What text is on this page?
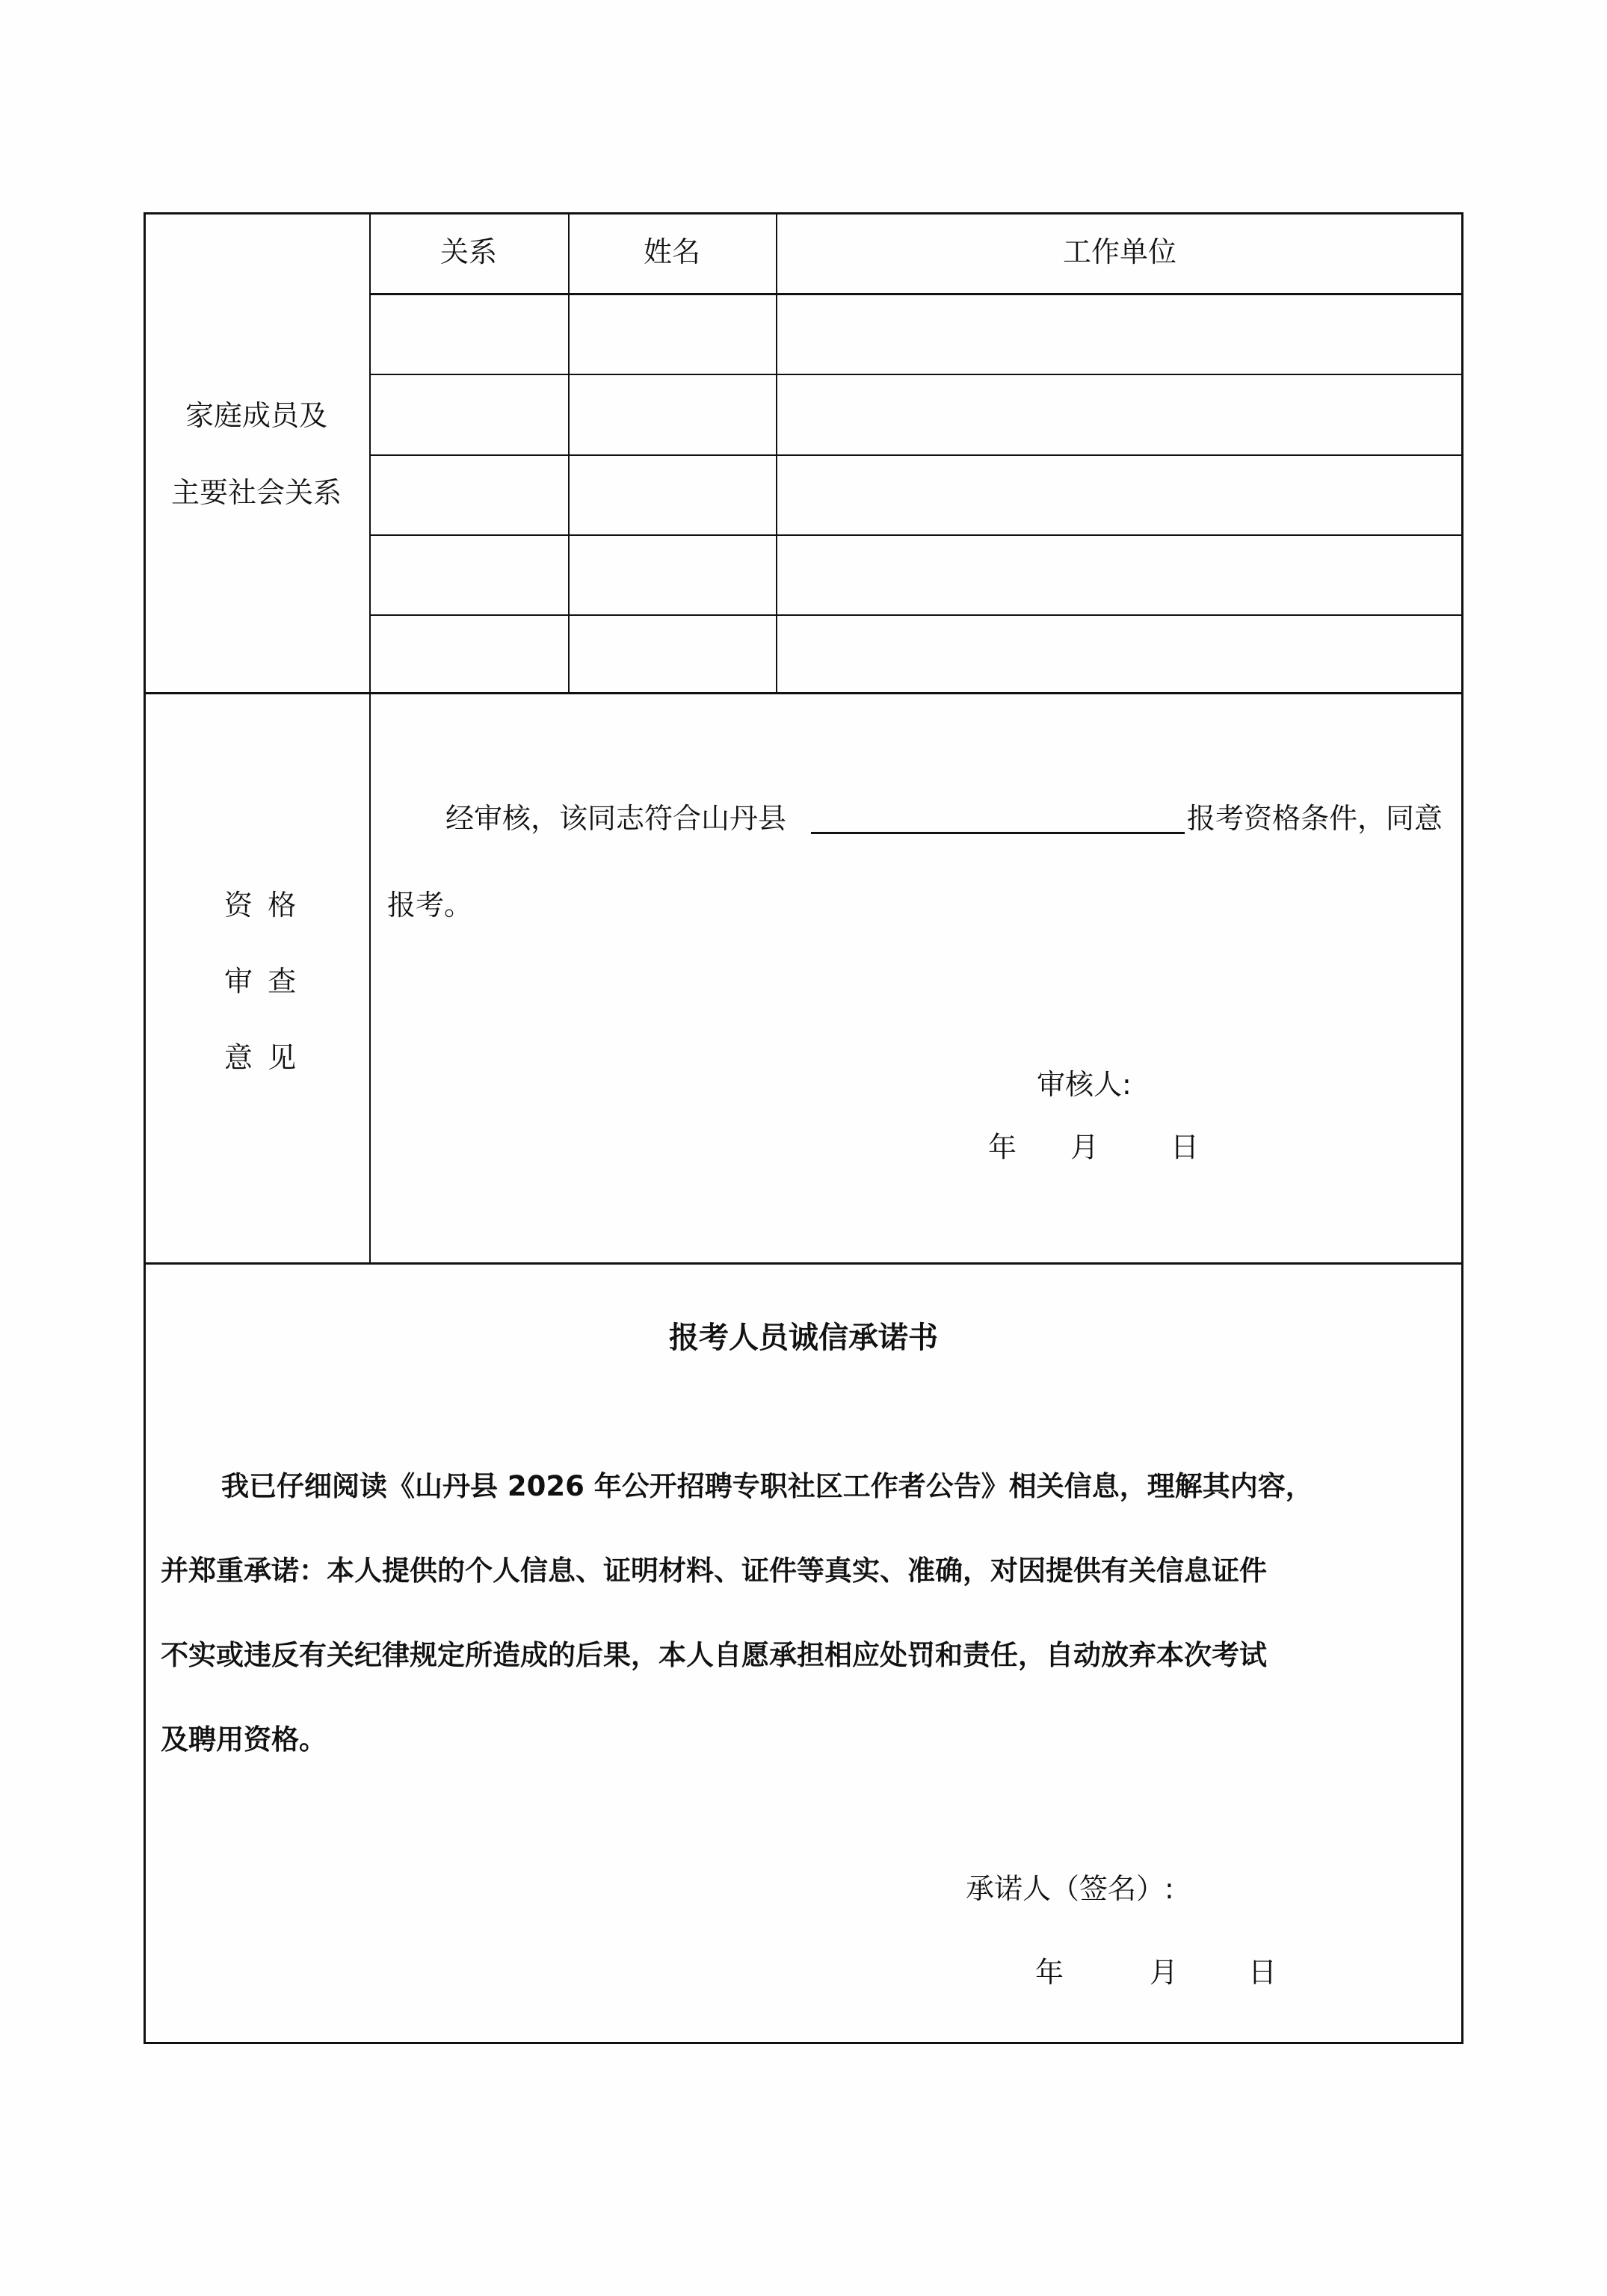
家庭成员及
主要社会关系
关系	姓名	工作单位
资 格
审 查
意 见
经审核，该同志符合山丹县	报考资格条件，同意
报考。
审核人:
年 月	日
报考人员诚信承诺书
我已仔细阅读《山丹县 2026 年公开招聘专职社区工作者公告》相关信息，理解其内容，
并郑重承诺：本人提供的个人信息、证明材料、证件等真实、准确，对因提供有关信息证件
不实或违反有关纪律规定所造成的后果，本人自愿承担相应处罚和责任，自动放弃本次考试
及聘用资格。
承诺人（签名）:
年	月 日
